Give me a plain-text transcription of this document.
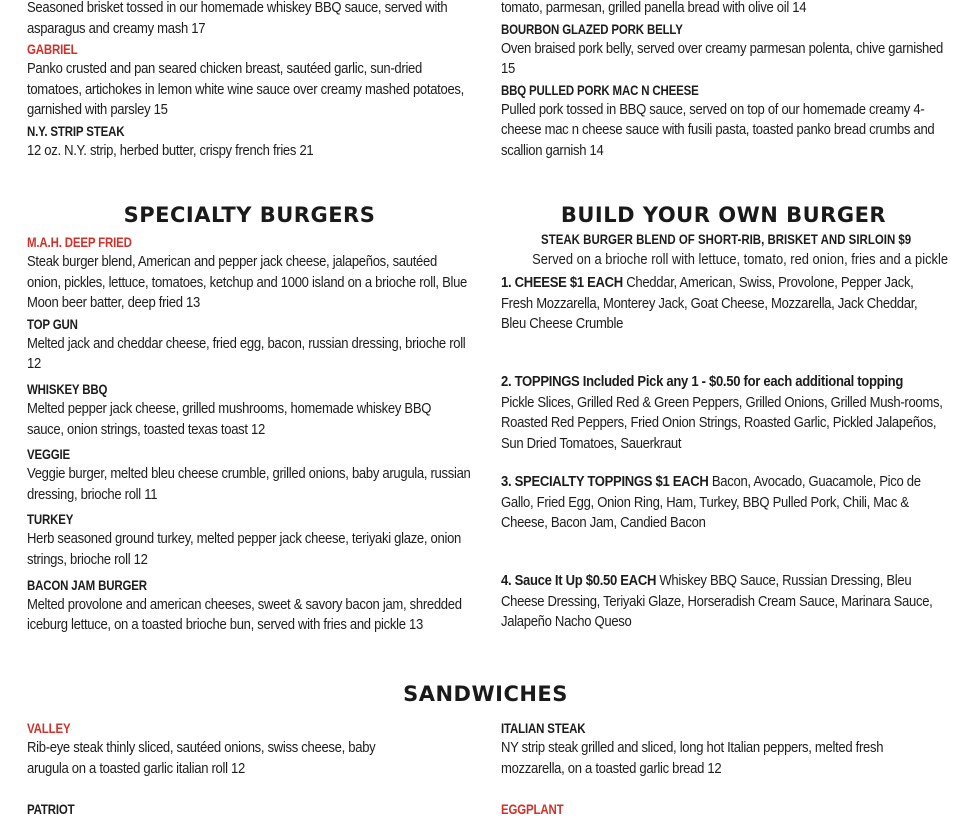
Seasoned brisket tossed in our homemade whiskey BBQ sauce, served with asparagus and creamy mash 17
GABRIEL
Panko crusted and pan seared chicken breast, sautéed garlic, sun-dried tomatoes, artichokes in lemon white wine sauce over creamy mashed potatoes, garnished with parsley 15
N.Y. STRIP STEAK
12 oz. N.Y. strip, herbed butter, crispy french fries 21
tomato, parmesan, grilled panella bread with olive oil 14
BOURBON GLAZED PORK BELLY
Oven braised pork belly, served over creamy parmesan polenta, chive garnished 15
BBQ PULLED PORK MAC N CHEESE
Pulled pork tossed in BBQ sauce, served on top of our homemade creamy 4-cheese mac n cheese sauce with fusili pasta, toasted panko bread crumbs and scallion garnish 14
SPECIALTY BURGERS	BUILD YOUR OWN BURGER
M.A.H. DEEP FRIED
Steak burger blend, American and pepper jack cheese, jalapeños, sautéed onion, pickles, lettuce, tomatoes, ketchup and 1000 island on a brioche roll, Blue Moon beer batter, deep fried 13
TOP GUN
Melted jack and cheddar cheese, fried egg, bacon, russian dressing, brioche roll 12
WHISKEY BBQ
Melted pepper jack cheese, grilled mushrooms, homemade whiskey BBQ sauce, onion strings, toasted texas toast 12
VEGGIE
Veggie burger, melted bleu cheese crumble, grilled onions, baby arugula, russian dressing, brioche roll 11
TURKEY
Herb seasoned ground turkey, melted pepper jack cheese, teriyaki glaze, onion strings, brioche roll 12
BACON JAM BURGER
Melted provolone and american cheeses, sweet & savory bacon jam, shredded iceburg lettuce, on a toasted brioche bun, served with fries and pickle 13
STEAK BURGER BLEND OF SHORT-RIB, BRISKET AND SIRLOIN $9
Served on a brioche roll with lettuce, tomato, red onion, fries and a pickle
1. CHEESE $1 EACH Cheddar, American, Swiss, Provolone, Pepper Jack, Fresh Mozzarella, Monterey Jack, Goat Cheese, Mozzarella, Jack Cheddar, Bleu Cheese Crumble
2. TOPPINGS Included Pick any 1 - $0.50 for each additional topping
Pickle Slices, Grilled Red & Green Peppers, Grilled Onions, Grilled Mush-rooms, Roasted Red Peppers, Fried Onion Strings, Roasted Garlic, Pickled Jalapeños, Sun Dried Tomatoes, Sauerkraut
3. SPECIALTY TOPPINGS $1 EACH Bacon, Avocado, Guacamole, Pico de Gallo, Fried Egg, Onion Ring, Ham, Turkey, BBQ Pulled Pork, Chili, Mac & Cheese, Bacon Jam, Candied Bacon
4. Sauce It Up $0.50 EACH Whiskey BBQ Sauce, Russian Dressing, Bleu Cheese Dressing, Teriyaki Glaze, Horseradish Cream Sauce, Marinara Sauce, Jalapeño Nacho Queso
SANDWICHES
VALLEY
Rib-eye steak thinly sliced, sautéed onions, swiss cheese, baby arugula on a toasted garlic italian roll 12
ITALIAN STEAK
NY strip steak grilled and sliced, long hot Italian peppers, melted fresh mozzarella, on a toasted garlic bread 12
PATRIOT	EGGPLANT
